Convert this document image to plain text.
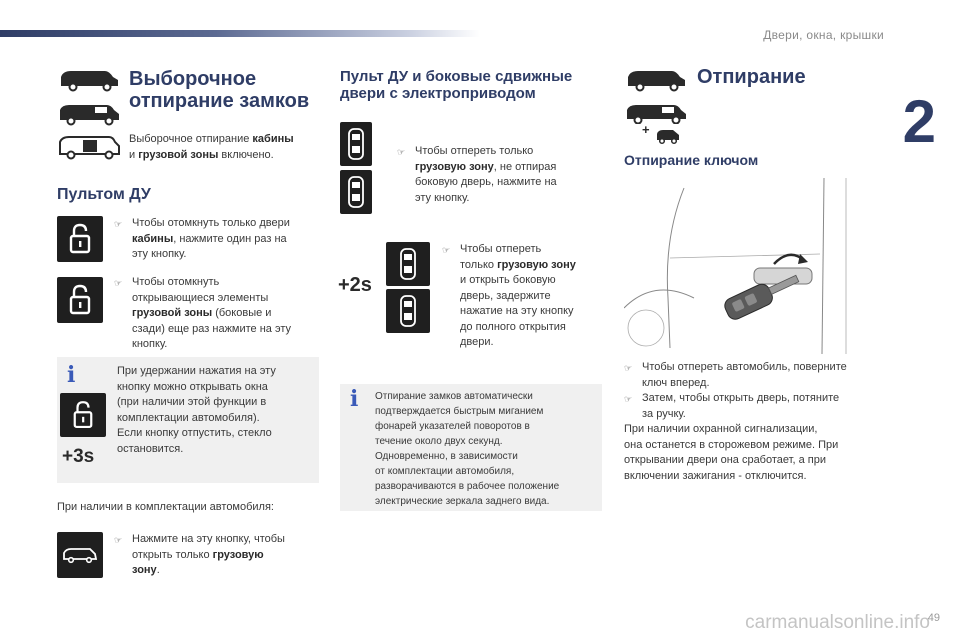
Двери, окна, крышки
2
49
carmanualsonline.info
Выборочное
отпирание замков
Выборочное отпирание кабины
и грузовой зоны включено.
Пультом ДУ
☞ Чтобы отомкнуть только двери
кабины, нажмите один раз на
эту кнопку.
☞ Чтобы отомкнуть
открывающиеся элементы
грузовой зоны (боковые и
сзади) еще раз нажмите на эту
кнопку.
i
+3s
При удержании нажатия на эту
кнопку можно открывать окна
(при наличии этой функции в
комплектации автомобиля).
Если кнопку отпустить, стекло
остановится.
При наличии в комплектации автомобиля:
☞ Нажмите на эту кнопку, чтобы
открыть только грузовую
зону.
Пульт ДУ и боковые сдвижные
двери с электроприводом
☞ Чтобы отпереть только
грузовую зону, не отпирая
боковую дверь, нажмите на
эту кнопку.
+2s
☞ Чтобы отпереть
только грузовую зону
и открыть боковую
дверь, задержите
нажатие на эту кнопку
до полного открытия
двери.
i Отпирание замков автоматически
подтверждается быстрым миганием
фонарей указателей поворотов в
течение около двух секунд.
Одновременно, в зависимости
от комплектации автомобиля,
разворачиваются в рабочее положение
электрические зеркала заднего вида.
+
Отпирание
Отпирание ключом
☞ Чтобы отпереть автомобиль, поверните
ключ вперед.
☞ Затем, чтобы открыть дверь, потяните
за ручку.
При наличии охранной сигнализации,
она останется в сторожевом режиме. При
открывании двери она сработает, а при
включении зажигания - отключится.
